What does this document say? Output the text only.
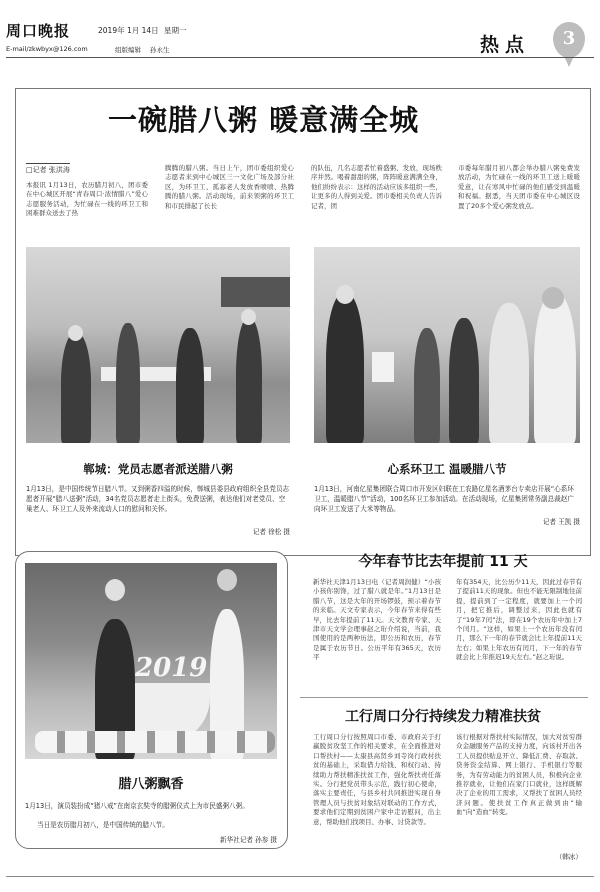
周口晚报	2019年 1月 14日 星期一
E-mail/zkwbyx@126.com	组版编辑 孙永生	热点	3
一碗腊八粥 暖意满全城
□记者 张洪涛
本报讯 1月13日，农历腊月初八，团市委在中心城区开展“青春周口·浓情腊八”爱心志愿服务活动，为忙碌在一线的环卫工和困难群众送去了热
腾腾的腊八粥。当日上午，团市委组织爱心志愿者来到中心城区三一文化广场及部分社区，为环卫工、孤寡老人发放香喷喷、热腾腾的腊八粥。活动现场，前来领粥的环卫工和市民排起了长长
的队伍，几名志愿者忙着盛粥、发放，现场秩序井然。喝着甜甜的粥，阵阵暖意满满全身，他们纷纷表示：这样的活动应该多组织一些，让更多的人得到关爱。团市委相关负责人告诉记者，团
市委每年腊月初八都会举办腊八粥免费发放活动，为忙碌在一线的环卫工送上暖暖爱意，让在寒风中忙碌的他们感受到温暖和祝福。据悉，当天团市委在中心城区设置了20多个爱心粥发放点。
郸城：党员志愿者派送腊八粥
1月13日，是中国传统节日腊八节。又到粥香四溢的时候，郸城县委县政府组织全县党员志愿者开展“腊八送粥”活动，34名党员志愿者走上街头，免费送粥，表达他们对老党员、空巢老人、环卫工人及外来流动人口的慰问和关怀。
记者 徐松 摄
心系环卫工 温暖腊八节
1月13日，河南亿星集团联合周口市开发区妇联在工农路亿星名酒茅台专卖店开展“心系环卫工，温暖腊八节”活动，100名环卫工参加活动。在活动现场，亿星集团常务副总裁赵广向环卫工发送了大米等物品。
记者 王凯 摄
2019
腊八粥飘香
1月13日，演员装扮成“猪八戒”在南京玄奘寺的腊粥仪式上为市民盛粥八粥。
当日是农历腊月初八，是中国传统的腊八节。
新华社记者 孙参 摄
今年春节比去年提前 11 天
新华社天津1月13日电（记者周润健）“小孩小孩你别馋，过了腊八就是年。”1月13日是腊八节，这是大年的开场锣鼓，预示着春节的来临。天文专家表示，今年春节来得有些早，比去年提前了11天。天文教育专家、天津市天文学会理事赵之珩介绍说，当前，我国使用的是两种历法，即公历和农历，春节是属于农历节日。公历平年有365天，农历平
年有354天，比公历少11天，因此过春节有了提前11天的现象。但也不能无限制地往前提，提前到了一定程度，就要加上一个闰月，把它推后，调整过来，因此也就有了“19年7闰”法，即在19个农历年中加上7个闰月。“这样，如果上一个农历年没有闰月，那么下一年的春节就会比上年提前11天左右；如果上年农历有闰月，下一年的春节就会比上年推迟19天左右。”赵之珩说。
工行周口分行持续发力精准扶贫
工行周口分行按照周口市委、市政府关于打赢脱贫攻坚工作的相关要求，在全面推进对口帮扶村——太康县高贤乡刘寺岗行政村扶贫的基础上，采取借力给钱、和权行动、持续助力帮扶精准扶贫工作，强化帮扶责任落实。分行把党员带头示范，践行初心使命，落实主要责任，与县乡村共同推进实现自身管理人员与扶贫对象结对联动的工作方式，要求他们定期到贫困户家中走访慰问，出主意，帮助他们找项目、办事、讨贷款等。
该行根据对帮扶村实际情况，加大对贫穷群众金融服务产品的支持力度，向该村开出各工人员提供贴息开立、降低汇费、存取款、贷务资金结算、网上银行、手机银行等服务，为有劳动能力的贫困人员，积极向企业推荐就业，让他们在家门口就业，这样既解决了企业的用工需求，又帮扶了贫困人员经济问题。使扶贫工作真正做到由“输血”向“造血”转变。
（韩冰）
